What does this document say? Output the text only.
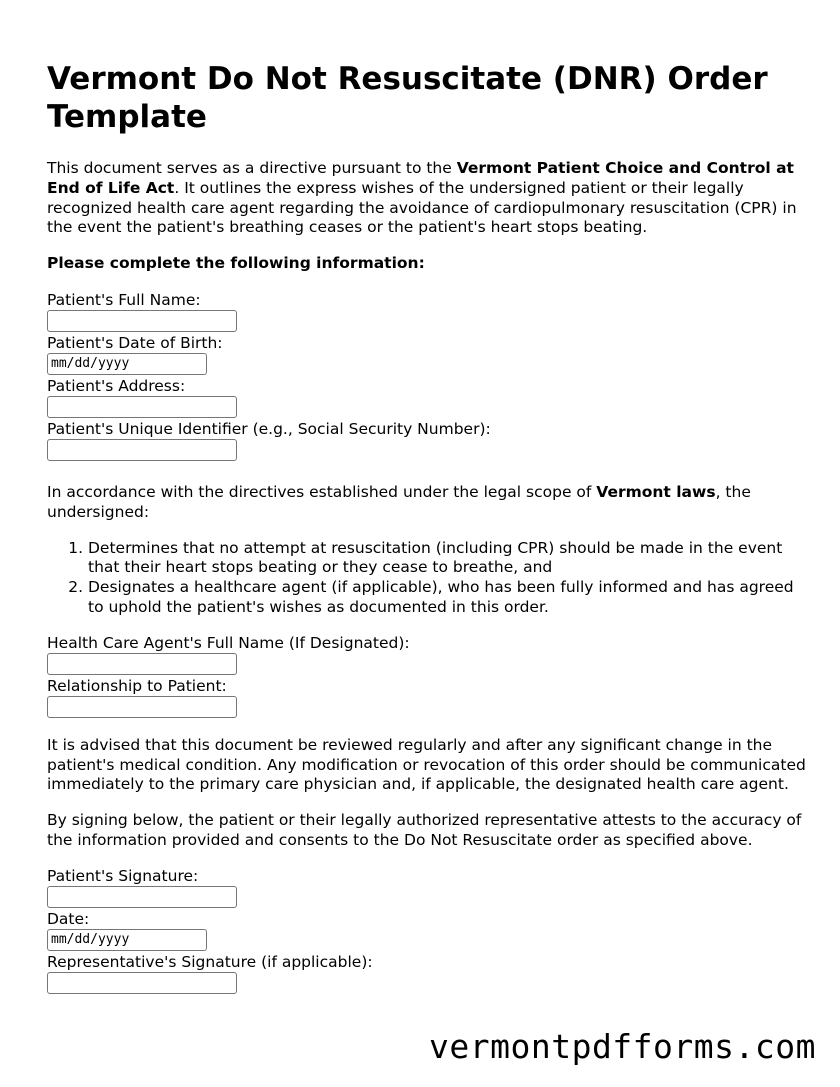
Vermont Do Not Resuscitate (DNR) Order Template

This document serves as a directive pursuant to the Vermont Patient Choice and Control at End of Life Act. It outlines the express wishes of the undersigned patient or their legally recognized health care agent regarding the avoidance of cardiopulmonary resuscitation (CPR) in the event the patient's breathing ceases or the patient's heart stops beating.

Please complete the following information:

Patient's Full Name:
Patient's Date of Birth:
mm/dd/yyyy
Patient's Address:
Patient's Unique Identifier (e.g., Social Security Number):

In accordance with the directives established under the legal scope of Vermont laws, the undersigned:

1. Determines that no attempt at resuscitation (including CPR) should be made in the event that their heart stops beating or they cease to breathe, and
2. Designates a healthcare agent (if applicable), who has been fully informed and has agreed to uphold the patient's wishes as documented in this order.
Health Care Agent's Full Name (If Designated):
Relationship to Patient:

It is advised that this document be reviewed regularly and after any significant change in the patient's medical condition. Any modification or revocation of this order should be communicated immediately to the primary care physician and, if applicable, the designated health care agent.

By signing below, the patient or their legally authorized representative attests to the accuracy of the information provided and consents to the Do Not Resuscitate order as specified above.

Patient's Signature:
Date:
mm/dd/yyyy
Representative's Signature (if applicable):
vermontpdfforms.com
